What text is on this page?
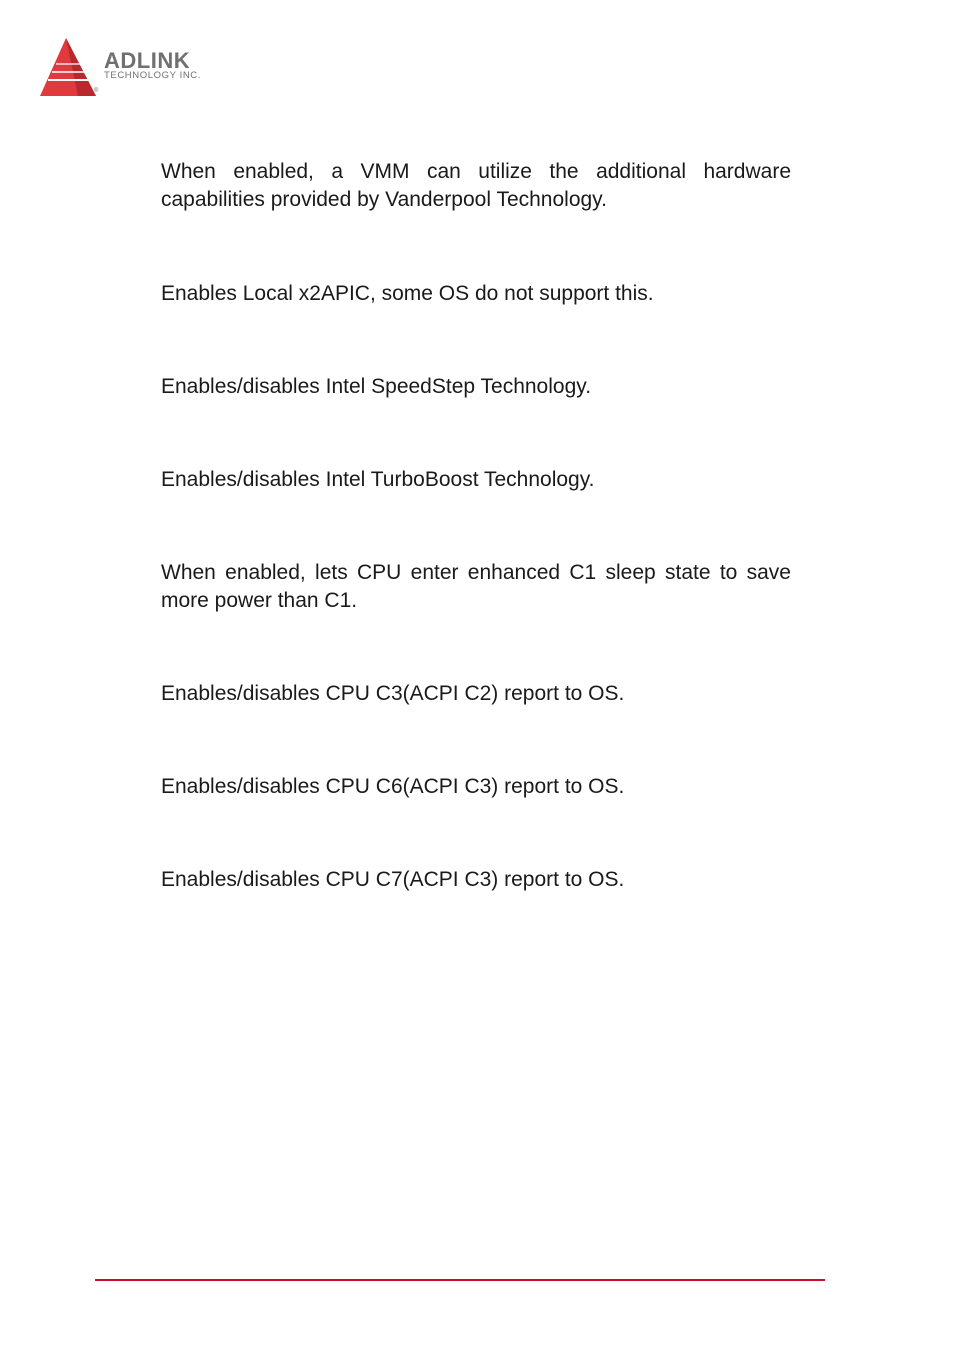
ADLINK
TECHNOLOGY INC.
®

When enabled, a VMM can utilize the additional hardware capabilities provided by Vanderpool Technology.

Enables Local x2APIC, some OS do not support this.

Enables/disables Intel SpeedStep Technology.

Enables/disables Intel TurboBoost Technology.

When enabled, lets CPU enter enhanced C1 sleep state to save more power than C1.

Enables/disables CPU C3(ACPI C2) report to OS.

Enables/disables CPU C6(ACPI C3) report to OS.

Enables/disables CPU C7(ACPI C3) report to OS.
